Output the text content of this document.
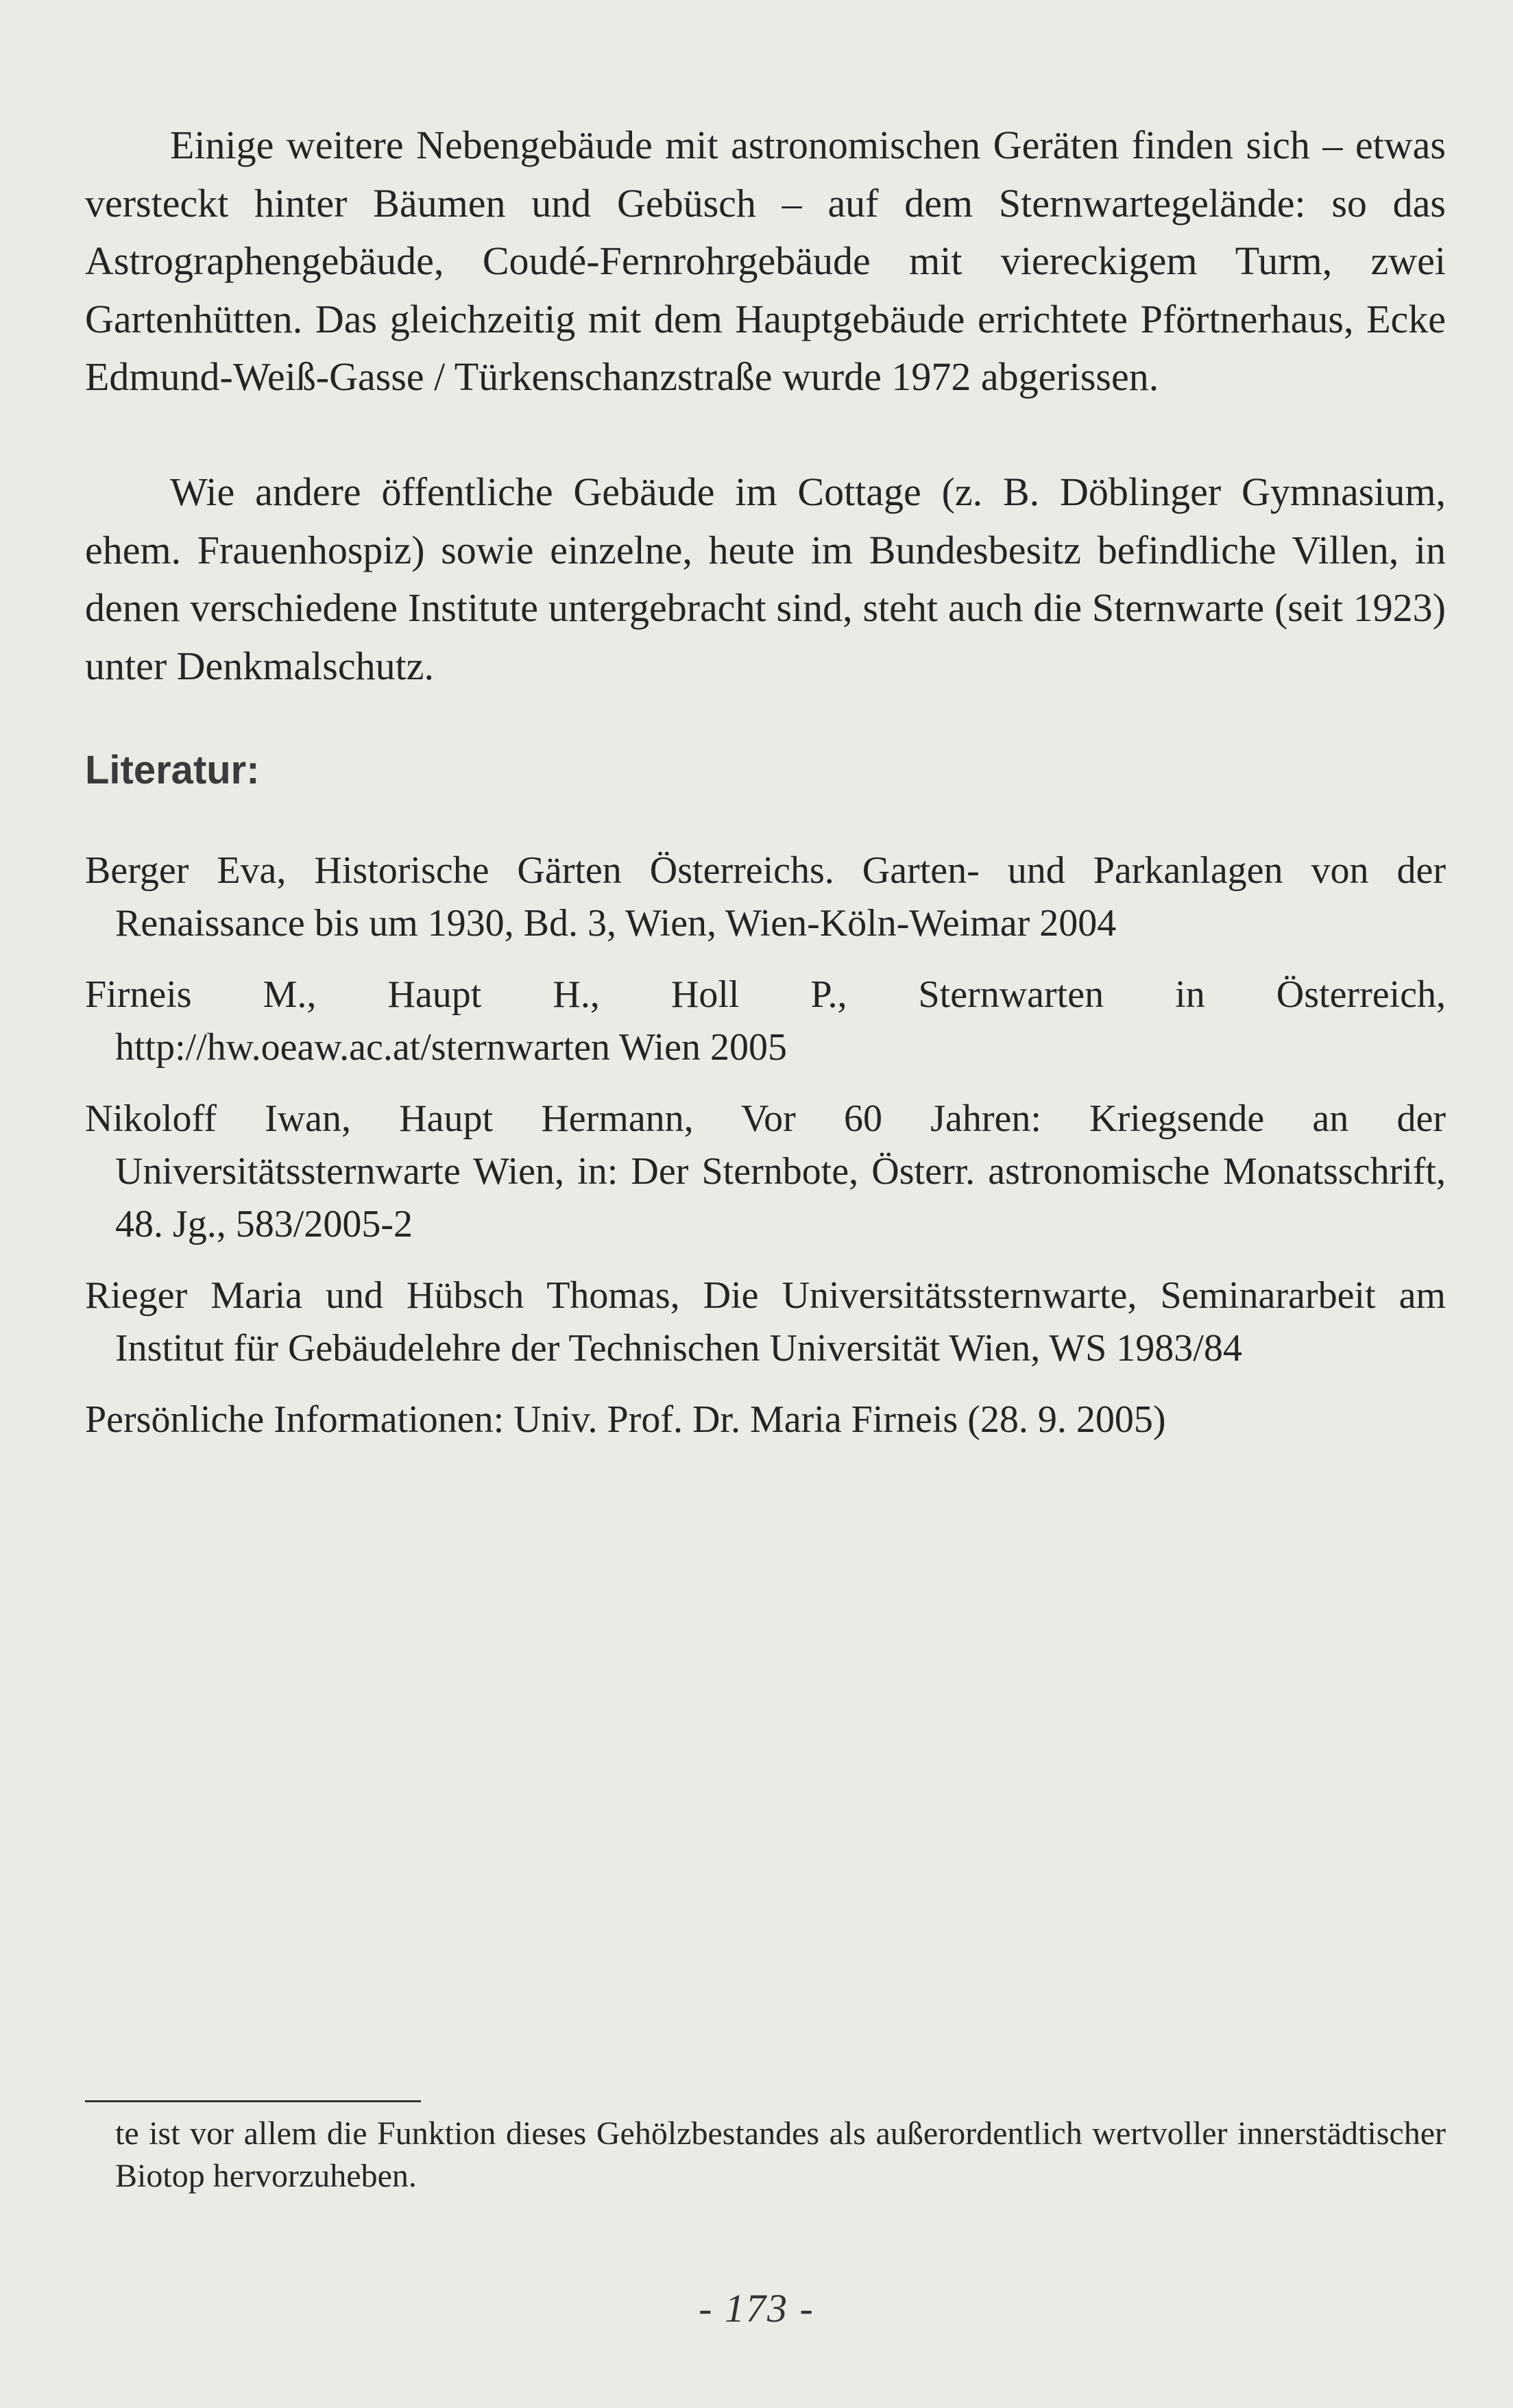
Einige weitere Nebengebäude mit astronomischen Geräten finden sich – etwas versteckt hinter Bäumen und Gebüsch – auf dem Sternwartegelände: so das Astrographengebäude, Coudé-Fernrohrgebäude mit viereckigem Turm, zwei Gartenhütten. Das gleichzeitig mit dem Hauptgebäude errichtete Pförtnerhaus, Ecke Edmund-Weiß-Gasse / Türkenschanzstraße wurde 1972 abgerissen.

Wie andere öffentliche Gebäude im Cottage (z. B. Döblinger Gymnasium, ehem. Frauenhospiz) sowie einzelne, heute im Bundesbesitz befindliche Villen, in denen verschiedene Institute untergebracht sind, steht auch die Sternwarte (seit 1923) unter Denkmalschutz.

Literatur:
Berger Eva, Historische Gärten Österreichs. Garten- und Parkanlagen von der Renaissance bis um 1930, Bd. 3, Wien, Wien-Köln-Weimar 2004
Firneis M., Haupt H., Holl P., Sternwarten in Österreich, http://hw.oeaw.ac.at/sternwarten Wien 2005
Nikoloff Iwan, Haupt Hermann, Vor 60 Jahren: Kriegsende an der Universitätssternwarte Wien, in: Der Sternbote, Österr. astronomische Monatsschrift, 48. Jg., 583/2005-2
Rieger Maria und Hübsch Thomas, Die Universitätssternwarte, Seminararbeit am Institut für Gebäudelehre der Technischen Universität Wien, WS 1983/84
Persönliche Informationen: Univ. Prof. Dr. Maria Firneis (28. 9. 2005)

te ist vor allem die Funktion dieses Gehölzbestandes als außerordentlich wertvoller innerstädtischer Biotop hervorzuheben.

- 173 -
